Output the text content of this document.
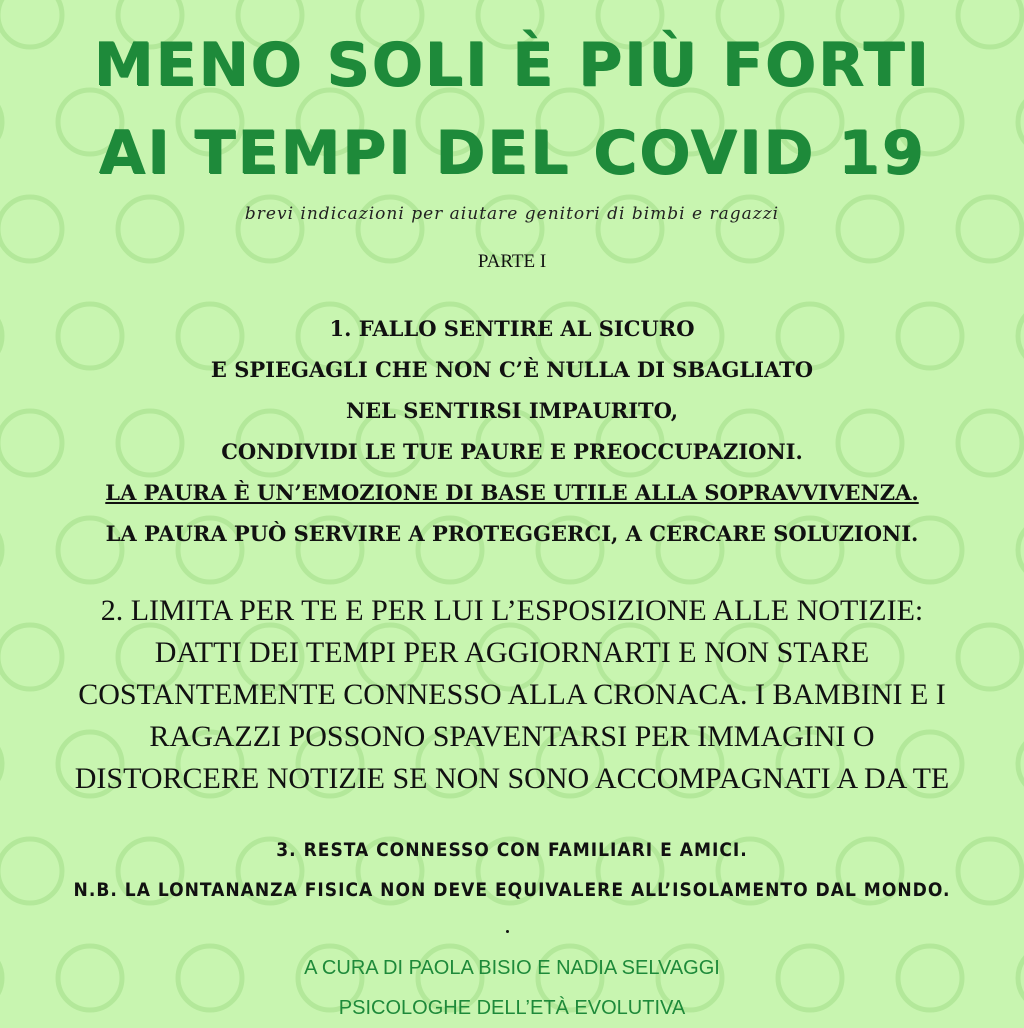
MENO SOLI È PIÙ FORTI
AI TEMPI DEL COVID 19
brevi indicazioni per aiutare genitori di bimbi e ragazzi
PARTE I
1. FALLO SENTIRE AL SICURO
E SPIEGAGLI CHE NON C’È NULLA DI SBAGLIATO
NEL SENTIRSI IMPAURITO,
CONDIVIDI LE TUE PAURE E PREOCCUPAZIONI.
LA PAURA È UN’EMOZIONE DI BASE UTILE ALLA SOPRAVVIVENZA.
LA PAURA PUÒ SERVIRE A PROTEGGERCI, A CERCARE SOLUZIONI.
2. LIMITA PER TE E PER LUI L’ESPOSIZIONE ALLE NOTIZIE:
DATTI DEI TEMPI PER AGGIORNARTI E NON STARE
COSTANTEMENTE CONNESSO ALLA CRONACA. I BAMBINI E I
RAGAZZI POSSONO SPAVENTARSI PER IMMAGINI O
DISTORCERE NOTIZIE SE NON SONO ACCOMPAGNATI A DA TE
3. RESTA CONNESSO CON FAMILIARI E AMICI.
N.B. LA LONTANANZA FISICA NON DEVE EQUIVALERE ALL’ISOLAMENTO DAL MONDO.
A CURA DI PAOLA BISIO E NADIA SELVAGGI
PSICOLOGHE DELL’ETÀ EVOLUTIVA
